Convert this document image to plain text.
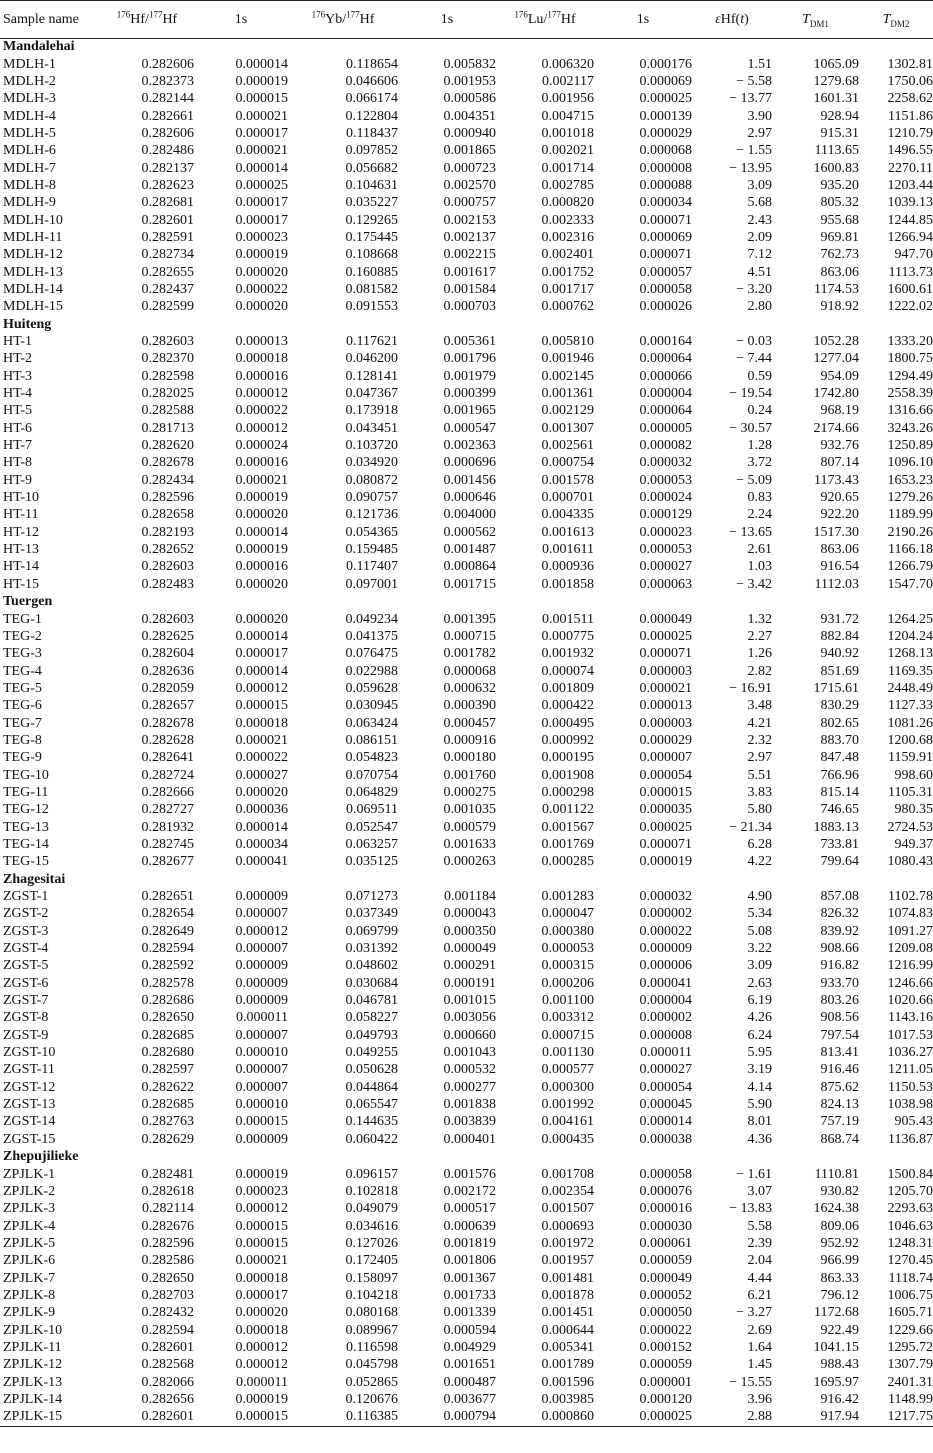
Sample name	$^{176}$Hf/$^{177}$Hf	1s	$^{176}$Yb/$^{177}$Hf	1s	$^{176}$Lu/$^{177}$Hf	1s	εHf(t)	$T_{DM1}$	$T_{DM2}$
Mandalehai									
MDLH-1	0.282606	0.000014	0.118654	0.005832	0.006320	0.000176	1.51	1065.09	1302.81
MDLH-2	0.282373	0.000019	0.046606	0.001953	0.002117	0.000069	− 5.58	1279.68	1750.06
MDLH-3	0.282144	0.000015	0.066174	0.000586	0.001956	0.000025	− 13.77	1601.31	2258.62
MDLH-4	0.282661	0.000021	0.122804	0.004351	0.004715	0.000139	3.90	928.94	1151.86
MDLH-5	0.282606	0.000017	0.118437	0.000940	0.001018	0.000029	2.97	915.31	1210.79
MDLH-6	0.282486	0.000021	0.097852	0.001865	0.002021	0.000068	− 1.55	1113.65	1496.55
MDLH-7	0.282137	0.000014	0.056682	0.000723	0.001714	0.000008	− 13.95	1600.83	2270.11
MDLH-8	0.282623	0.000025	0.104631	0.002570	0.002785	0.000088	3.09	935.20	1203.44
MDLH-9	0.282681	0.000017	0.035227	0.000757	0.000820	0.000034	5.68	805.32	1039.13
MDLH-10	0.282601	0.000017	0.129265	0.002153	0.002333	0.000071	2.43	955.68	1244.85
MDLH-11	0.282591	0.000023	0.175445	0.002137	0.002316	0.000069	2.09	969.81	1266.94
MDLH-12	0.282734	0.000019	0.108668	0.002215	0.002401	0.000071	7.12	762.73	947.70
MDLH-13	0.282655	0.000020	0.160885	0.001617	0.001752	0.000057	4.51	863.06	1113.73
MDLH-14	0.282437	0.000022	0.081582	0.001584	0.001717	0.000058	− 3.20	1174.53	1600.61
MDLH-15	0.282599	0.000020	0.091553	0.000703	0.000762	0.000026	2.80	918.92	1222.02
Huiteng									
HT-1	0.282603	0.000013	0.117621	0.005361	0.005810	0.000164	− 0.03	1052.28	1333.20
HT-2	0.282370	0.000018	0.046200	0.001796	0.001946	0.000064	− 7.44	1277.04	1800.75
HT-3	0.282598	0.000016	0.128141	0.001979	0.002145	0.000066	0.59	954.09	1294.49
HT-4	0.282025	0.000012	0.047367	0.000399	0.001361	0.000004	− 19.54	1742.80	2558.39
HT-5	0.282588	0.000022	0.173918	0.001965	0.002129	0.000064	0.24	968.19	1316.66
HT-6	0.281713	0.000012	0.043451	0.000547	0.001307	0.000005	− 30.57	2174.66	3243.26
HT-7	0.282620	0.000024	0.103720	0.002363	0.002561	0.000082	1.28	932.76	1250.89
HT-8	0.282678	0.000016	0.034920	0.000696	0.000754	0.000032	3.72	807.14	1096.10
HT-9	0.282434	0.000021	0.080872	0.001456	0.001578	0.000053	− 5.09	1173.43	1653.23
HT-10	0.282596	0.000019	0.090757	0.000646	0.000701	0.000024	0.83	920.65	1279.26
HT-11	0.282658	0.000020	0.121736	0.004000	0.004335	0.000129	2.24	922.20	1189.99
HT-12	0.282193	0.000014	0.054365	0.000562	0.001613	0.000023	− 13.65	1517.30	2190.26
HT-13	0.282652	0.000019	0.159485	0.001487	0.001611	0.000053	2.61	863.06	1166.18
HT-14	0.282603	0.000016	0.117407	0.000864	0.000936	0.000027	1.03	916.54	1266.79
HT-15	0.282483	0.000020	0.097001	0.001715	0.001858	0.000063	− 3.42	1112.03	1547.70
Tuergen									
TEG-1	0.282603	0.000020	0.049234	0.001395	0.001511	0.000049	1.32	931.72	1264.25
TEG-2	0.282625	0.000014	0.041375	0.000715	0.000775	0.000025	2.27	882.84	1204.24
TEG-3	0.282604	0.000017	0.076475	0.001782	0.001932	0.000071	1.26	940.92	1268.13
TEG-4	0.282636	0.000014	0.022988	0.000068	0.000074	0.000003	2.82	851.69	1169.35
TEG-5	0.282059	0.000012	0.059628	0.000632	0.001809	0.000021	− 16.91	1715.61	2448.49
TEG-6	0.282657	0.000015	0.030945	0.000390	0.000422	0.000013	3.48	830.29	1127.33
TEG-7	0.282678	0.000018	0.063424	0.000457	0.000495	0.000003	4.21	802.65	1081.26
TEG-8	0.282628	0.000021	0.086151	0.000916	0.000992	0.000029	2.32	883.70	1200.68
TEG-9	0.282641	0.000022	0.054823	0.000180	0.000195	0.000007	2.97	847.48	1159.91
TEG-10	0.282724	0.000027	0.070754	0.001760	0.001908	0.000054	5.51	766.96	998.60
TEG-11	0.282666	0.000020	0.064829	0.000275	0.000298	0.000015	3.83	815.14	1105.31
TEG-12	0.282727	0.000036	0.069511	0.001035	0.001122	0.000035	5.80	746.65	980.35
TEG-13	0.281932	0.000014	0.052547	0.000579	0.001567	0.000025	− 21.34	1883.13	2724.53
TEG-14	0.282745	0.000034	0.063257	0.001633	0.001769	0.000071	6.28	733.81	949.37
TEG-15	0.282677	0.000041	0.035125	0.000263	0.000285	0.000019	4.22	799.64	1080.43
Zhagesitai									
ZGST-1	0.282651	0.000009	0.071273	0.001184	0.001283	0.000032	4.90	857.08	1102.78
ZGST-2	0.282654	0.000007	0.037349	0.000043	0.000047	0.000002	5.34	826.32	1074.83
ZGST-3	0.282649	0.000012	0.069799	0.000350	0.000380	0.000022	5.08	839.92	1091.27
ZGST-4	0.282594	0.000007	0.031392	0.000049	0.000053	0.000009	3.22	908.66	1209.08
ZGST-5	0.282592	0.000009	0.048602	0.000291	0.000315	0.000006	3.09	916.82	1216.99
ZGST-6	0.282578	0.000009	0.030684	0.000191	0.000206	0.000041	2.63	933.70	1246.66
ZGST-7	0.282686	0.000009	0.046781	0.001015	0.001100	0.000004	6.19	803.26	1020.66
ZGST-8	0.282650	0.000011	0.058227	0.003056	0.003312	0.000002	4.26	908.56	1143.16
ZGST-9	0.282685	0.000007	0.049793	0.000660	0.000715	0.000008	6.24	797.54	1017.53
ZGST-10	0.282680	0.000010	0.049255	0.001043	0.001130	0.000011	5.95	813.41	1036.27
ZGST-11	0.282597	0.000007	0.050628	0.000532	0.000577	0.000027	3.19	916.46	1211.05
ZGST-12	0.282622	0.000007	0.044864	0.000277	0.000300	0.000054	4.14	875.62	1150.53
ZGST-13	0.282685	0.000010	0.065547	0.001838	0.001992	0.000045	5.90	824.13	1038.98
ZGST-14	0.282763	0.000015	0.144635	0.003839	0.004161	0.000014	8.01	757.19	905.43
ZGST-15	0.282629	0.000009	0.060422	0.000401	0.000435	0.000038	4.36	868.74	1136.87
Zhepujilieke									
ZPJLK-1	0.282481	0.000019	0.096157	0.001576	0.001708	0.000058	− 1.61	1110.81	1500.84
ZPJLK-2	0.282618	0.000023	0.102818	0.002172	0.002354	0.000076	3.07	930.82	1205.70
ZPJLK-3	0.282114	0.000012	0.049079	0.000517	0.001507	0.000016	− 13.83	1624.38	2293.63
ZPJLK-4	0.282676	0.000015	0.034616	0.000639	0.000693	0.000030	5.58	809.06	1046.63
ZPJLK-5	0.282596	0.000015	0.127026	0.001819	0.001972	0.000061	2.39	952.92	1248.31
ZPJLK-6	0.282586	0.000021	0.172405	0.001806	0.001957	0.000059	2.04	966.99	1270.45
ZPJLK-7	0.282650	0.000018	0.158097	0.001367	0.001481	0.000049	4.44	863.33	1118.74
ZPJLK-8	0.282703	0.000017	0.104218	0.001733	0.001878	0.000052	6.21	796.12	1006.75
ZPJLK-9	0.282432	0.000020	0.080168	0.001339	0.001451	0.000050	− 3.27	1172.68	1605.71
ZPJLK-10	0.282594	0.000018	0.089967	0.000594	0.000644	0.000022	2.69	922.49	1229.66
ZPJLK-11	0.282601	0.000012	0.116598	0.004929	0.005341	0.000152	1.64	1041.15	1295.72
ZPJLK-12	0.282568	0.000012	0.045798	0.001651	0.001789	0.000059	1.45	988.43	1307.79
ZPJLK-13	0.282066	0.000011	0.052865	0.000487	0.001596	0.000001	− 15.55	1695.97	2401.31
ZPJLK-14	0.282656	0.000019	0.120676	0.003677	0.003985	0.000120	3.96	916.42	1148.99
ZPJLK-15	0.282601	0.000015	0.116385	0.000794	0.000860	0.000025	2.88	917.94	1217.75
